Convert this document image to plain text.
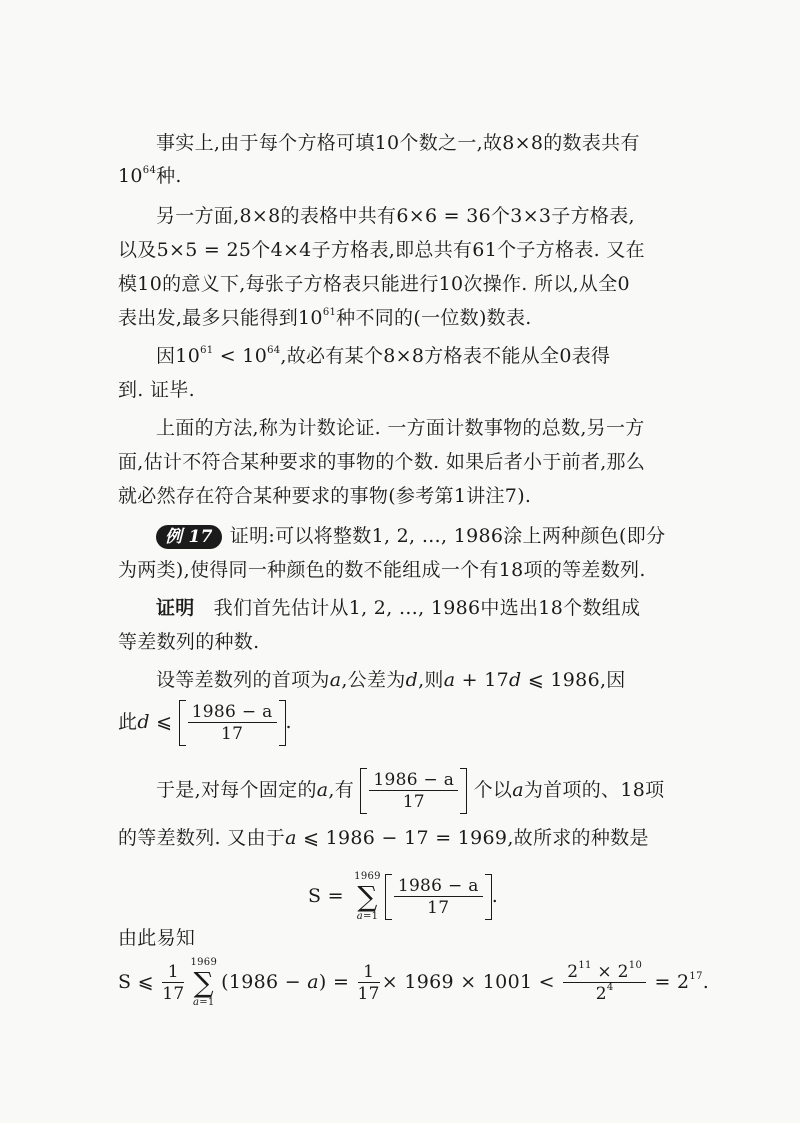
事实上,由于每个方格可填10个数之一,故8×8的数表共有

$10^{64}$种.

另一方面,8×8的表格中共有6×6 = 36个3×3子方格表,

以及5×5 = 25个4×4子方格表,即总共有61个子方格表. 又在

模10的意义下,每张子方格表只能进行10次操作. 所以,从全0

表出发,最多只能得到$10^{61}$种不同的(一位数)数表.

因$10^{61} < 10^{64}$,故必有某个8×8方格表不能从全0表得

到. 证毕.

上面的方法,称为计数论证. 一方面计数事物的总数,另一方

面,估计不符合某种要求的事物的个数. 如果后者小于前者,那么

就必然存在符合某种要求的事物(参考第1讲注7).

例 17 证明:可以将整数1, 2, …, 1986涂上两种颜色(即分

为两类),使得同一种颜色的数不能组成一个有18项的等差数列.

证明 我们首先估计从1, 2, …, 1986中选出18个数组成

等差数列的种数.

设等差数列的首项为a,公差为d,则a + 17d ⩽ 1986,因

此d ⩽ $\frac{1986 - a}{17}$ .
于是,对每个固定的a,有 $\frac{1986 - a}{17}$ 个以a为首项的、18项

的等差数列. 又由于a ⩽ 1986 − 17 = 1969,故所求的种数是

S =
1969
∑
$a=1 \frac{1986 - a}{17}$ .

由此易知

S ⩽ $\frac{1}{17} 1969$
∑
a=1
$(1986 - a) = \frac{1}{17} \times 1969 \times 1001 < \frac{2^{11} \times 2^{10}}{2^4} = 2^{17}$.
